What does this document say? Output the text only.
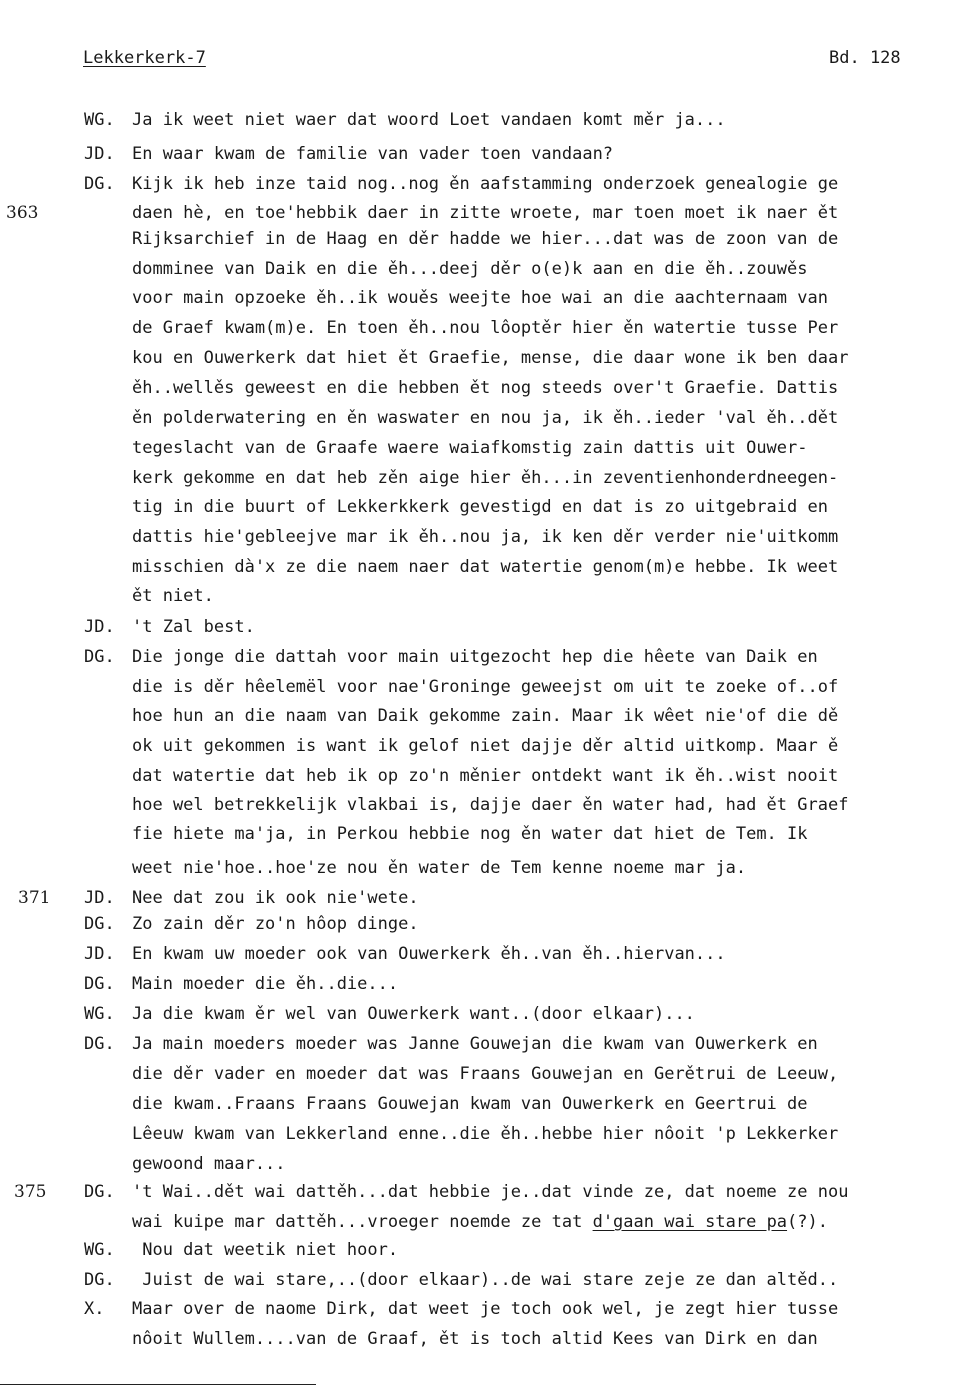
Lekkerkerk-7	Bd. 128
WG. Ja ik weet niet waer dat woord Loet vandaen komt měr ja...
JD. En waar kwam de familie van vader toen vandaan?
DG. Kijk ik heb inze taid nog..nog ěn aafstamming onderzoek genealogie ge
363	daen hè, en toe'hebbik daer in zitte wroete, mar toen moet ik naer ět
Rijksarchief in de Haag en děr hadde we hier...dat was de zoon van de
domminee van Daik en die ěh...deej děr o(e)k aan en die ěh..zouwěs
voor main opzoeke ěh..ik wouěs weejte hoe wai an die aachternaam van
de Graef kwam(m)e. En toen ěh..nou lôoptěr hier ěn watertie tusse Per
kou en Ouwerkerk dat hiet ět Graefie, mense, die daar wone ik ben daar
ěh..wellěs geweest en die hebben ět nog steeds over't Graefie. Dattis
ěn polderwatering en ěn waswater en nou ja, ik ěh..ieder 'val ěh..dět
tegeslacht van de Graafe waere waiafkomstig zain dattis uit Ouwer-
kerk gekomme en dat heb zěn aige hier ěh...in zeventienhonderdneegen-
tig in die buurt of Lekkerkkerk gevestigd en dat is zo uitgebraid en
dattis hie'gebleejve mar ik ěh..nou ja, ik ken děr verder nie'uitkomm
misschien dà'x ze die naem naer dat watertie genom(m)e hebbe. Ik weet
ět niet.
JD. 't Zal best.
DG. Die jonge die dattah voor main uitgezocht hep die hêete van Daik en
die is děr hêelemël voor nae'Groninge geweejst om uit te zoeke of..of
hoe hun an die naam van Daik gekomme zain. Maar ik wêet nie'of die dě
ok uit gekommen is want ik gelof niet dajje děr altid uitkomp. Maar ě
dat watertie dat heb ik op zo'n měnier ontdekt want ik ěh..wist nooit
hoe wel betrekkelijk vlakbai is, dajje daer ěn water had, had ět Graef
fie hiete ma'ja, in Perkou hebbie nog ěn water dat hiet de Tem. Ik
weet nie'hoe..hoe'ze nou ěn water de Tem kenne noeme mar ja.
371 JD. Nee dat zou ik ook nie'wete.
DG. Zo zain děr zo'n hôop dinge.
JD. En kwam uw moeder ook van Ouwerkerk ěh..van ěh..hiervan...
DG. Main moeder die ěh..die...
WG. Ja die kwam ěr wel van Ouwerkerk want..(door elkaar)...
DG. Ja main moeders moeder was Janne Gouwejan die kwam van Ouwerkerk en
die děr vader en moeder dat was Fraans Gouwejan en Gerětrui de Leeuw,
die kwam..Fraans Fraans Gouwejan kwam van Ouwerkerk en Geertrui de
Lêeuw kwam van Lekkerland enne..die ěh..hebbe hier nôoit 'p Lekkerker
gewoond maar...
375 DG. 't Wai..dět wai dattěh...dat hebbie je..dat vinde ze, dat noeme ze nou
wai kuipe mar dattěh...vroeger noemde ze tat d'gaan wai stare pa(?).
WG. Nou dat weetik niet hoor.
DG. Juist de wai stare,..(door elkaar)..de wai stare zeje ze dan altěd..
X. Maar over de naome Dirk, dat weet je toch ook wel, je zegt hier tusse
nôoit Wullem....van de Graaf, ět is toch altid Kees van Dirk en dan
